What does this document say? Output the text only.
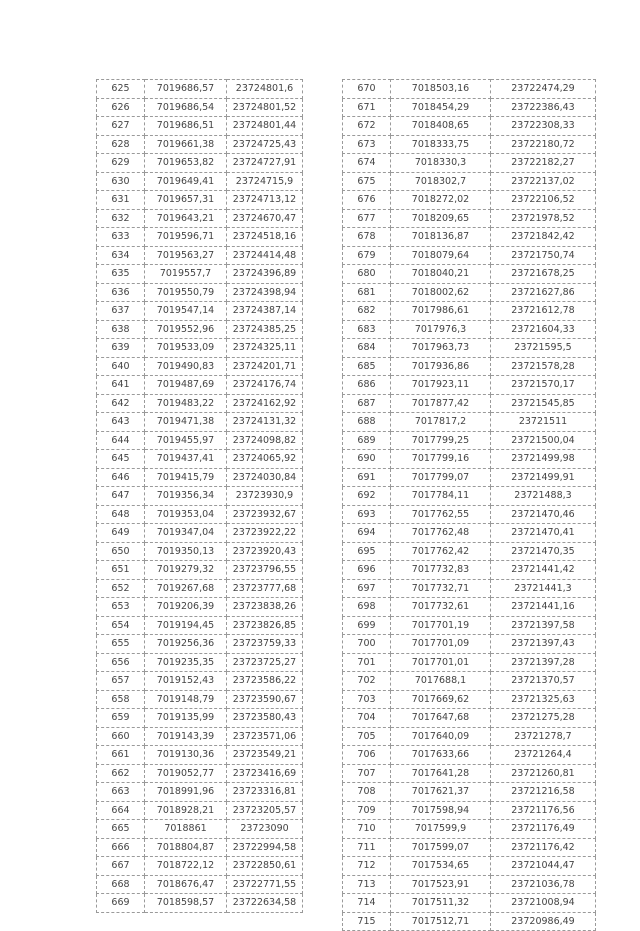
625	7019686,57	23724801,6
626	7019686,54	23724801,52
627	7019686,51	23724801,44
628	7019661,38	23724725,43
629	7019653,82	23724727,91
630	7019649,41	23724715,9
631	7019657,31	23724713,12
632	7019643,21	23724670,47
633	7019596,71	23724518,16
634	7019563,27	23724414,48
635	7019557,7	23724396,89
636	7019550,79	23724398,94
637	7019547,14	23724387,14
638	7019552,96	23724385,25
639	7019533,09	23724325,11
640	7019490,83	23724201,71
641	7019487,69	23724176,74
642	7019483,22	23724162,92
643	7019471,38	23724131,32
644	7019455,97	23724098,82
645	7019437,41	23724065,92
646	7019415,79	23724030,84
647	7019356,34	23723930,9
648	7019353,04	23723932,67
649	7019347,04	23723922,22
650	7019350,13	23723920,43
651	7019279,32	23723796,55
652	7019267,68	23723777,68
653	7019206,39	23723838,26
654	7019194,45	23723826,85
655	7019256,36	23723759,33
656	7019235,35	23723725,27
657	7019152,43	23723586,22
658	7019148,79	23723590,67
659	7019135,99	23723580,43
660	7019143,39	23723571,06
661	7019130,36	23723549,21
662	7019052,77	23723416,69
663	7018991,96	23723316,81
664	7018928,21	23723205,57
665	7018861	23723090
666	7018804,87	23722994,58
667	7018722,12	23722850,61
668	7018676,47	23722771,55
669	7018598,57	23722634,58
670	7018503,16	23722474,29
671	7018454,29	23722386,43
672	7018408,65	23722308,33
673	7018333,75	23722180,72
674	7018330,3	23722182,27
675	7018302,7	23722137,02
676	7018272,02	23722106,52
677	7018209,65	23721978,52
678	7018136,87	23721842,42
679	7018079,64	23721750,74
680	7018040,21	23721678,25
681	7018002,62	23721627,86
682	7017986,61	23721612,78
683	7017976,3	23721604,33
684	7017963,73	23721595,5
685	7017936,86	23721578,28
686	7017923,11	23721570,17
687	7017877,42	23721545,85
688	7017817,2	23721511
689	7017799,25	23721500,04
690	7017799,16	23721499,98
691	7017799,07	23721499,91
692	7017784,11	23721488,3
693	7017762,55	23721470,46
694	7017762,48	23721470,41
695	7017762,42	23721470,35
696	7017732,83	23721441,42
697	7017732,71	23721441,3
698	7017732,61	23721441,16
699	7017701,19	23721397,58
700	7017701,09	23721397,43
701	7017701,01	23721397,28
702	7017688,1	23721370,57
703	7017669,62	23721325,63
704	7017647,68	23721275,28
705	7017640,09	23721278,7
706	7017633,66	23721264,4
707	7017641,28	23721260,81
708	7017621,37	23721216,58
709	7017598,94	23721176,56
710	7017599,9	23721176,49
711	7017599,07	23721176,42
712	7017534,65	23721044,47
713	7017523,91	23721036,78
714	7017511,32	23721008,94
715	7017512,71	23720986,49
